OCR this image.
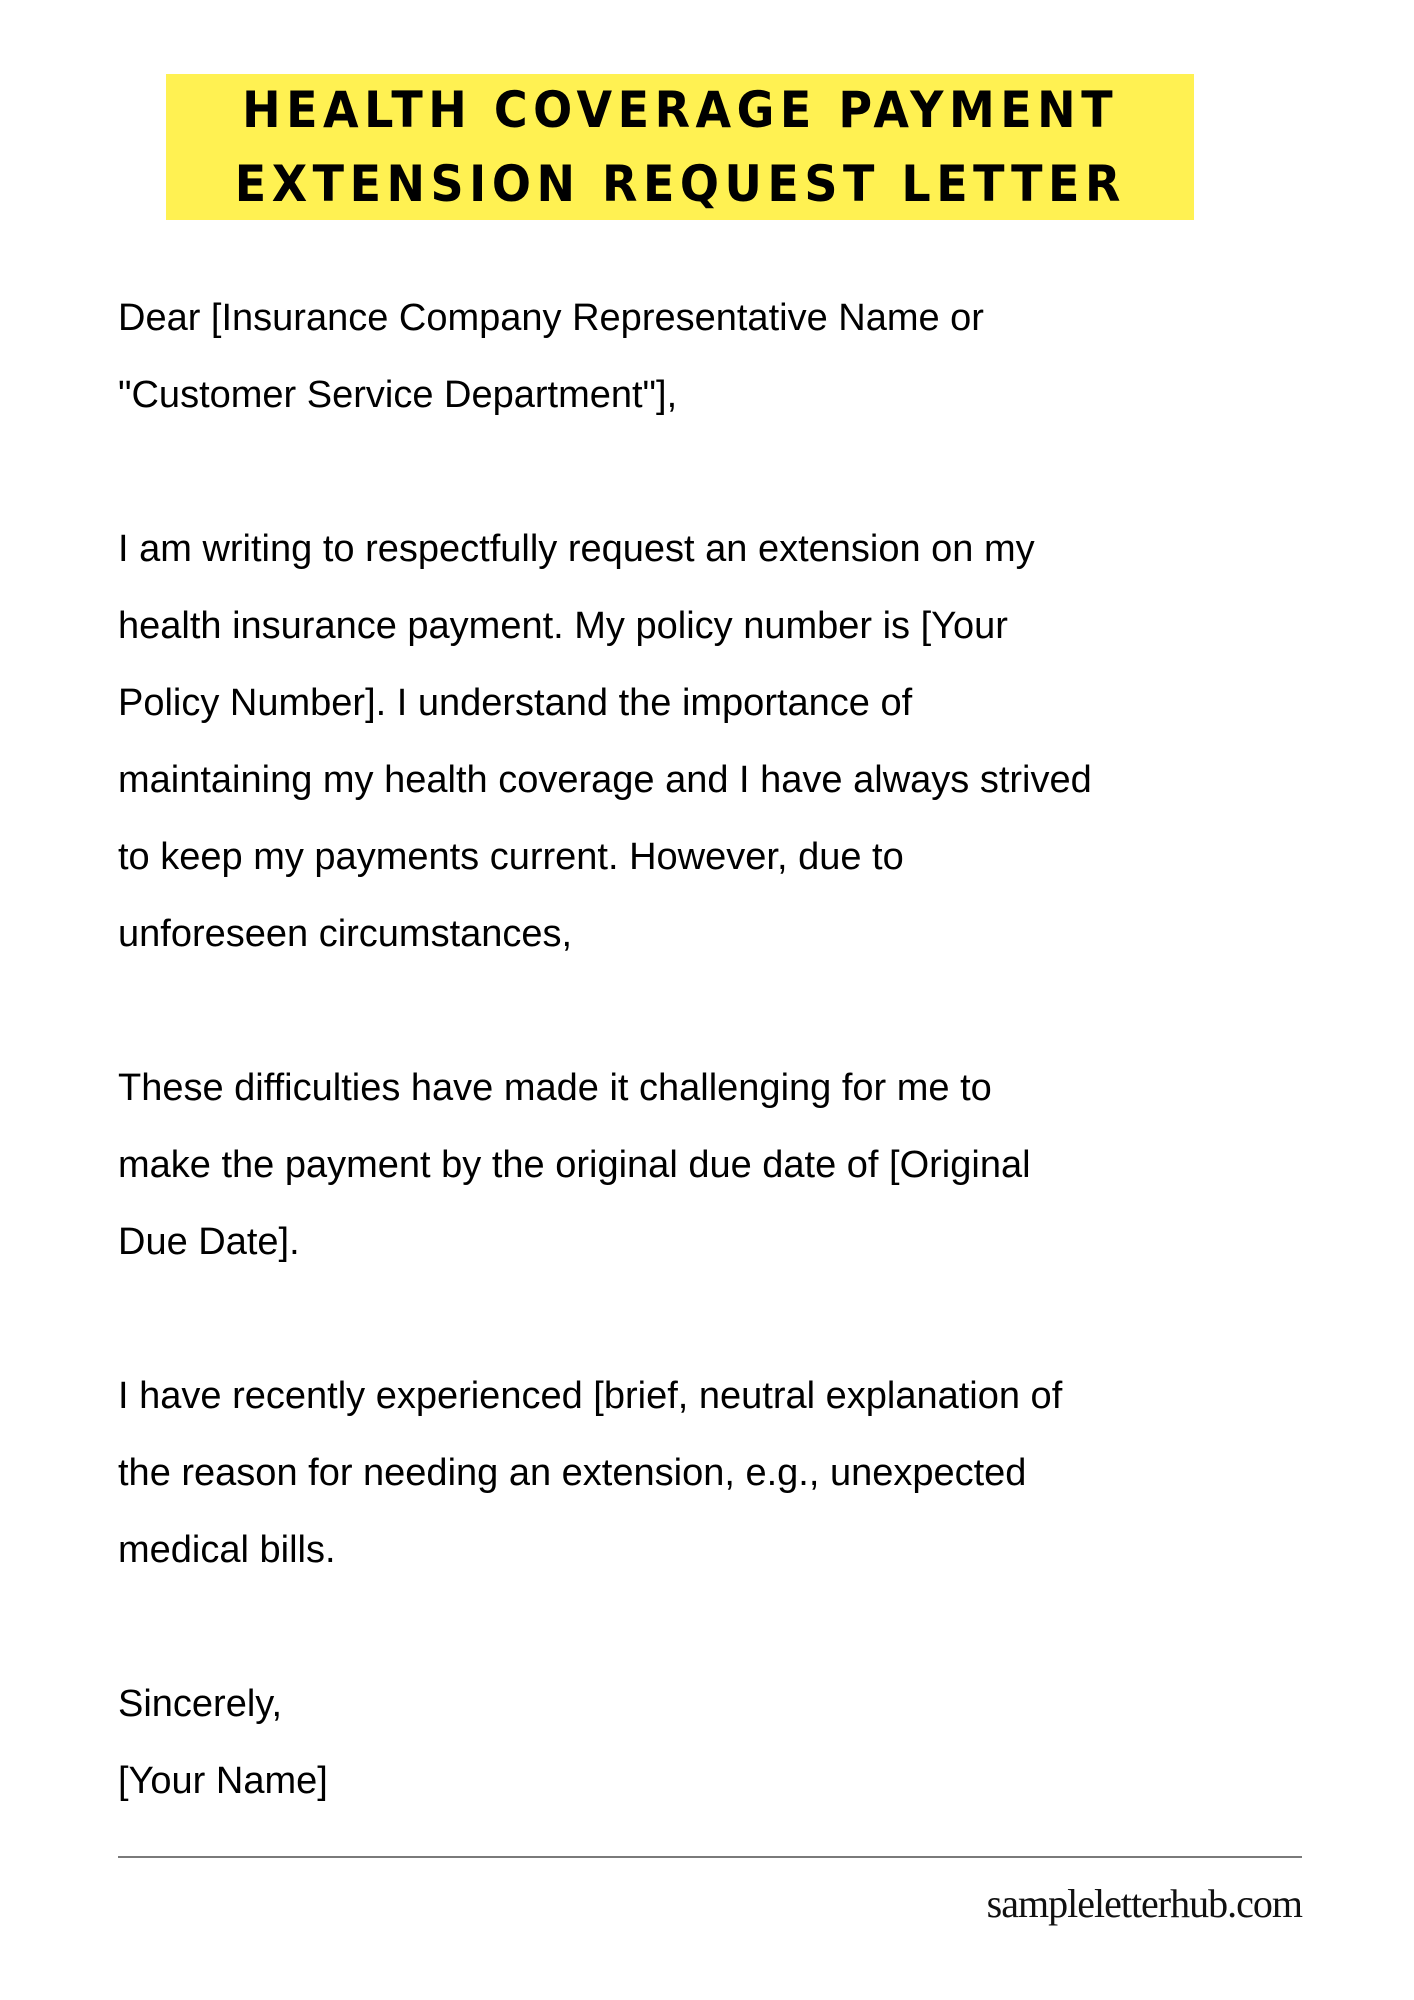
HEALTH COVERAGE PAYMENT
EXTENSION REQUEST LETTER

Dear [Insurance Company Representative Name or
"Customer Service Department"],

I am writing to respectfully request an extension on my
health insurance payment. My policy number is [Your
Policy Number]. I understand the importance of
maintaining my health coverage and I have always strived
to keep my payments current. However, due to
unforeseen circumstances,

These difficulties have made it challenging for me to
make the payment by the original due date of [Original
Due Date].

I have recently experienced [brief, neutral explanation of
the reason for needing an extension, e.g., unexpected
medical bills.

Sincerely,
[Your Name]

sampleletterhub.com
